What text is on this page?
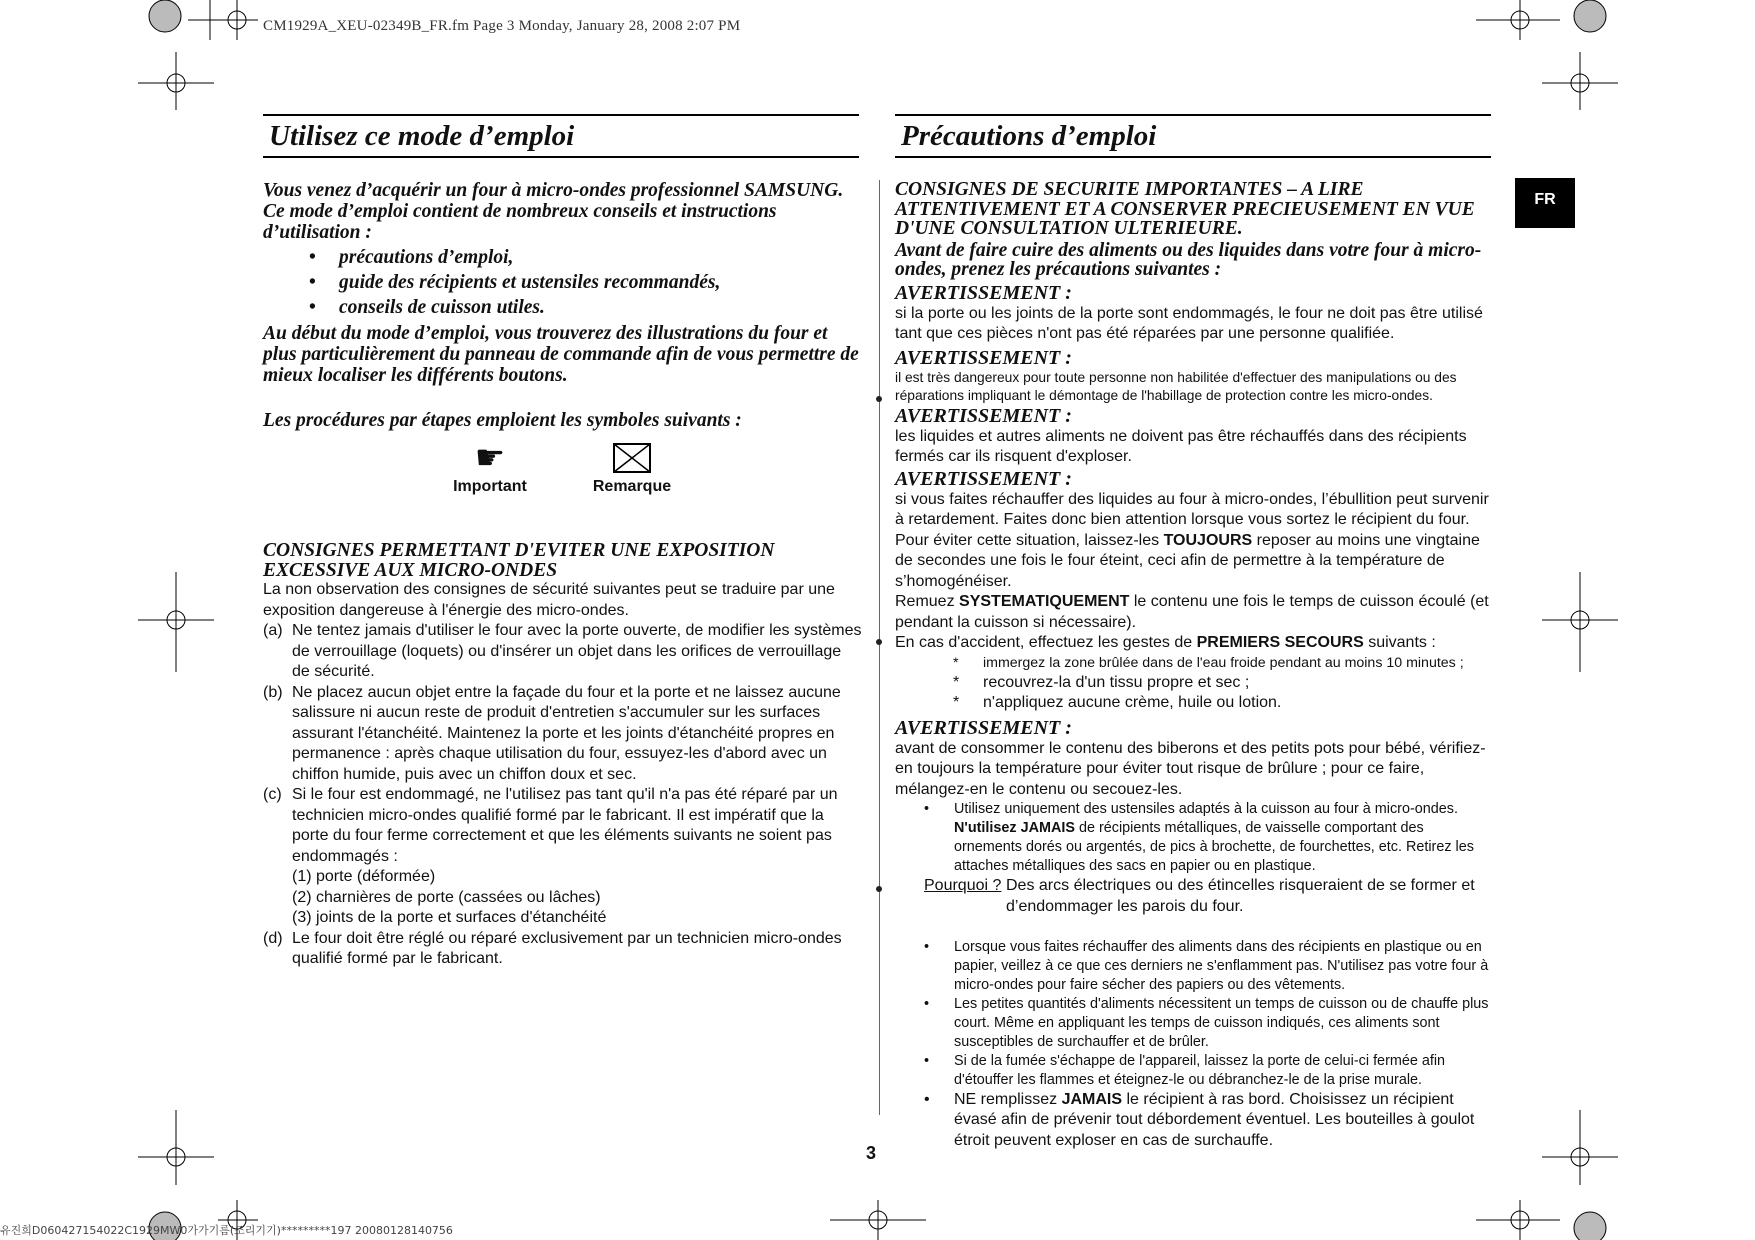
CM1929A_XEU-02349B_FR.fm Page 3 Monday, January 28, 2008 2:07 PM
FR
Utilisez ce mode d’emploi
Vous venez d’acquérir un four à micro-ondes professionnel SAMSUNG. Ce mode d’emploi contient de nombreux conseils et instructions d’utilisation :
• précautions d’emploi,
• guide des récipients et ustensiles recommandés,
• conseils de cuisson utiles.
Au début du mode d’emploi, vous trouverez des illustrations du four et plus particulièrement du panneau de commande afin de vous permettre de mieux localiser les différents boutons.
Les procédures par étapes emploient les symboles suivants :
☛
Important	Remarque
CONSIGNES PERMETTANT D'EVITER UNE EXPOSITION EXCESSIVE AUX MICRO-ONDES
La non observation des consignes de sécurité suivantes peut se traduire par une exposition dangereuse à l'énergie des micro-ondes.
(a) Ne tentez jamais d'utiliser le four avec la porte ouverte, de modifier les systèmes de verrouillage (loquets) ou d'insérer un objet dans les orifices de verrouillage de sécurité.
(b) Ne placez aucun objet entre la façade du four et la porte et ne laissez aucune salissure ni aucun reste de produit d'entretien s'accumuler sur les surfaces assurant l'étanchéité. Maintenez la porte et les joints d'étanchéité propres en permanence : après chaque utilisation du four, essuyez-les d'abord avec un chiffon humide, puis avec un chiffon doux et sec.
(c) Si le four est endommagé, ne l'utilisez pas tant qu'il n'a pas été réparé par un technicien micro-ondes qualifié formé par le fabricant. Il est impératif que la porte du four ferme correctement et que les éléments suivants ne soient pas endommagés :
(1) porte (déformée)
(2) charnières de porte (cassées ou lâches)
(3) joints de la porte et surfaces d'étanchéité
(d) Le four doit être réglé ou réparé exclusivement par un technicien micro-ondes qualifié formé par le fabricant.
Précautions d’emploi
CONSIGNES DE SECURITE IMPORTANTES – A LIRE ATTENTIVEMENT ET A CONSERVER PRECIEUSEMENT EN VUE D'UNE CONSULTATION ULTERIEURE.
Avant de faire cuire des aliments ou des liquides dans votre four à micro-ondes, prenez les précautions suivantes :
AVERTISSEMENT :
si la porte ou les joints de la porte sont endommagés, le four ne doit pas être utilisé tant que ces pièces n'ont pas été réparées par une personne qualifiée.
AVERTISSEMENT :
il est très dangereux pour toute personne non habilitée d'effectuer des manipulations ou des réparations impliquant le démontage de l'habillage de protection contre les micro-ondes.
AVERTISSEMENT :
les liquides et autres aliments ne doivent pas être réchauffés dans des récipients fermés car ils risquent d'exploser.
AVERTISSEMENT :
si vous faites réchauffer des liquides au four à micro-ondes, l’ébullition peut survenir à retardement. Faites donc bien attention lorsque vous sortez le récipient du four. Pour éviter cette situation, laissez-les TOUJOURS reposer au moins une vingtaine de secondes une fois le four éteint, ceci afin de permettre à la température de s’homogénéiser.
Remuez SYSTEMATIQUEMENT le contenu une fois le temps de cuisson écoulé (et pendant la cuisson si nécessaire).
En cas d'accident, effectuez les gestes de PREMIERS SECOURS suivants :
* immergez la zone brûlée dans de l'eau froide pendant au moins 10 minutes ;
* recouvrez-la d'un tissu propre et sec ;
* n'appliquez aucune crème, huile ou lotion.
AVERTISSEMENT :
avant de consommer le contenu des biberons et des petits pots pour bébé, vérifiez-en toujours la température pour éviter tout risque de brûlure ; pour ce faire, mélangez-en le contenu ou secouez-les.
• Utilisez uniquement des ustensiles adaptés à la cuisson au four à micro-ondes.
N'utilisez JAMAIS de récipients métalliques, de vaisselle comportant des ornements dorés ou argentés, de pics à brochette, de fourchettes, etc. Retirez les attaches métalliques des sacs en papier ou en plastique.
Pourquoi ? Des arcs électriques ou des étincelles risqueraient de se former et d’endommager les parois du four.
• Lorsque vous faites réchauffer des aliments dans des récipients en plastique ou en papier, veillez à ce que ces derniers ne s'enflamment pas. N'utilisez pas votre four à micro-ondes pour faire sécher des papiers ou des vêtements.
• Les petites quantités d'aliments nécessitent un temps de cuisson ou de chauffe plus court. Même en appliquant les temps de cuisson indiqués, ces aliments sont susceptibles de surchauffer et de brûler.
• Si de la fumée s'échappe de l'appareil, laissez la porte de celui-ci fermée afin d'étouffer les flammes et éteignez-le ou débranchez-le de la prise murale.
• NE remplissez JAMAIS le récipient à ras bord. Choisissez un récipient évasé afin de prévenir tout débordement éventuel. Les bouteilles à goulot étroit peuvent exploser en cas de surchauffe.
3
유진희D060427154022C1929MW0가가기름(조리기기)*********197 20080128140756
